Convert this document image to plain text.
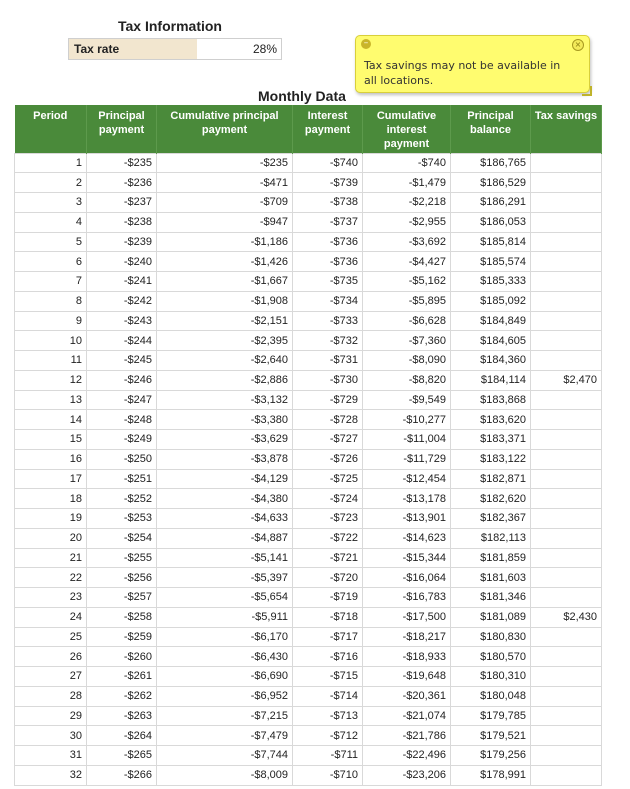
Tax Information
Tax rate	28%
Monthly Data
–	×
Tax savings may not be available in all locations.
Period	Principal payment	Cumulative principal payment	Interest payment	Cumulative interest payment	Principal balance	Tax savings
1	-$235	-$235	-$740	-$740	$186,765	
2	-$236	-$471	-$739	-$1,479	$186,529	
3	-$237	-$709	-$738	-$2,218	$186,291	
4	-$238	-$947	-$737	-$2,955	$186,053	
5	-$239	-$1,186	-$736	-$3,692	$185,814	
6	-$240	-$1,426	-$736	-$4,427	$185,574	
7	-$241	-$1,667	-$735	-$5,162	$185,333	
8	-$242	-$1,908	-$734	-$5,895	$185,092	
9	-$243	-$2,151	-$733	-$6,628	$184,849	
10	-$244	-$2,395	-$732	-$7,360	$184,605	
11	-$245	-$2,640	-$731	-$8,090	$184,360	
12	-$246	-$2,886	-$730	-$8,820	$184,114	$2,470
13	-$247	-$3,132	-$729	-$9,549	$183,868	
14	-$248	-$3,380	-$728	-$10,277	$183,620	
15	-$249	-$3,629	-$727	-$11,004	$183,371	
16	-$250	-$3,878	-$726	-$11,729	$183,122	
17	-$251	-$4,129	-$725	-$12,454	$182,871	
18	-$252	-$4,380	-$724	-$13,178	$182,620	
19	-$253	-$4,633	-$723	-$13,901	$182,367	
20	-$254	-$4,887	-$722	-$14,623	$182,113	
21	-$255	-$5,141	-$721	-$15,344	$181,859	
22	-$256	-$5,397	-$720	-$16,064	$181,603	
23	-$257	-$5,654	-$719	-$16,783	$181,346	
24	-$258	-$5,911	-$718	-$17,500	$181,089	$2,430
25	-$259	-$6,170	-$717	-$18,217	$180,830	
26	-$260	-$6,430	-$716	-$18,933	$180,570	
27	-$261	-$6,690	-$715	-$19,648	$180,310	
28	-$262	-$6,952	-$714	-$20,361	$180,048	
29	-$263	-$7,215	-$713	-$21,074	$179,785	
30	-$264	-$7,479	-$712	-$21,786	$179,521	
31	-$265	-$7,744	-$711	-$22,496	$179,256	
32	-$266	-$8,009	-$710	-$23,206	$178,991	
